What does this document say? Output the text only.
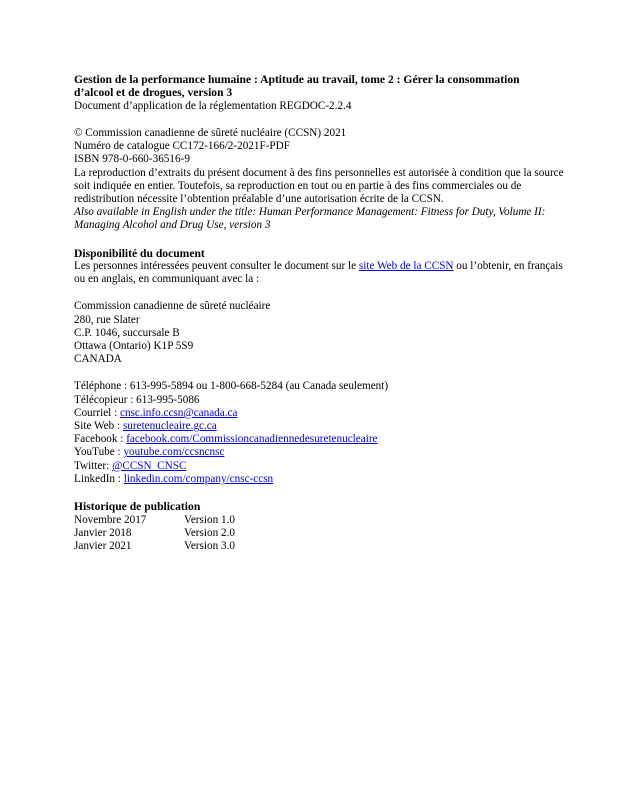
Gestion de la performance humaine : Aptitude au travail, tome 2 : Gérer la consommation
d’alcool et de drogues, version 3

Document d’application de la réglementation REGDOC-2.2.4
© Commission canadienne de sûreté nucléaire (CCSN) 2021
Numéro de catalogue CC172-166/2-2021F-PDF
ISBN 978-0-660-36516-9

La reproduction d’extraits du présent document à des fins personnelles est autorisée à condition que la source soit indiquée en entier. Toutefois, sa reproduction en tout ou en partie à des fins commerciales ou de redistribution nécessite l’obtention préalable d’une autorisation écrite de la CCSN.

Also available in English under the title: Human Performance Management: Fitness for Duty, Volume II: Managing Alcohol and Drug Use, version 3

Disponibilité du document

Les personnes intéressées peuvent consulter le document sur le site Web de la CCSN ou l’obtenir, en français ou en anglais, en communiquant avec la :

Commission canadienne de sûreté nucléaire
280, rue Slater
C.P. 1046, succursale B
Ottawa (Ontario) K1P 5S9
CANADA
Téléphone : 613-995-5894 ou 1-800-668-5284 (au Canada seulement)
Télécopieur : 613-995-5086
Courriel : cnsc.info.ccsn@canada.ca
Site Web : suretenucleaire.gc.ca
Facebook : facebook.com/Commissioncanadiennedesuretenucleaire
YouTube : youtube.com/ccsncnsc
Twitter: @CCSN_CNSC
LinkedIn : linkedin.com/company/cnsc-ccsn
Historique de publication
Novembre 2017	Version 1.0
Janvier 2018	Version 2.0
Janvier 2021	Version 3.0
